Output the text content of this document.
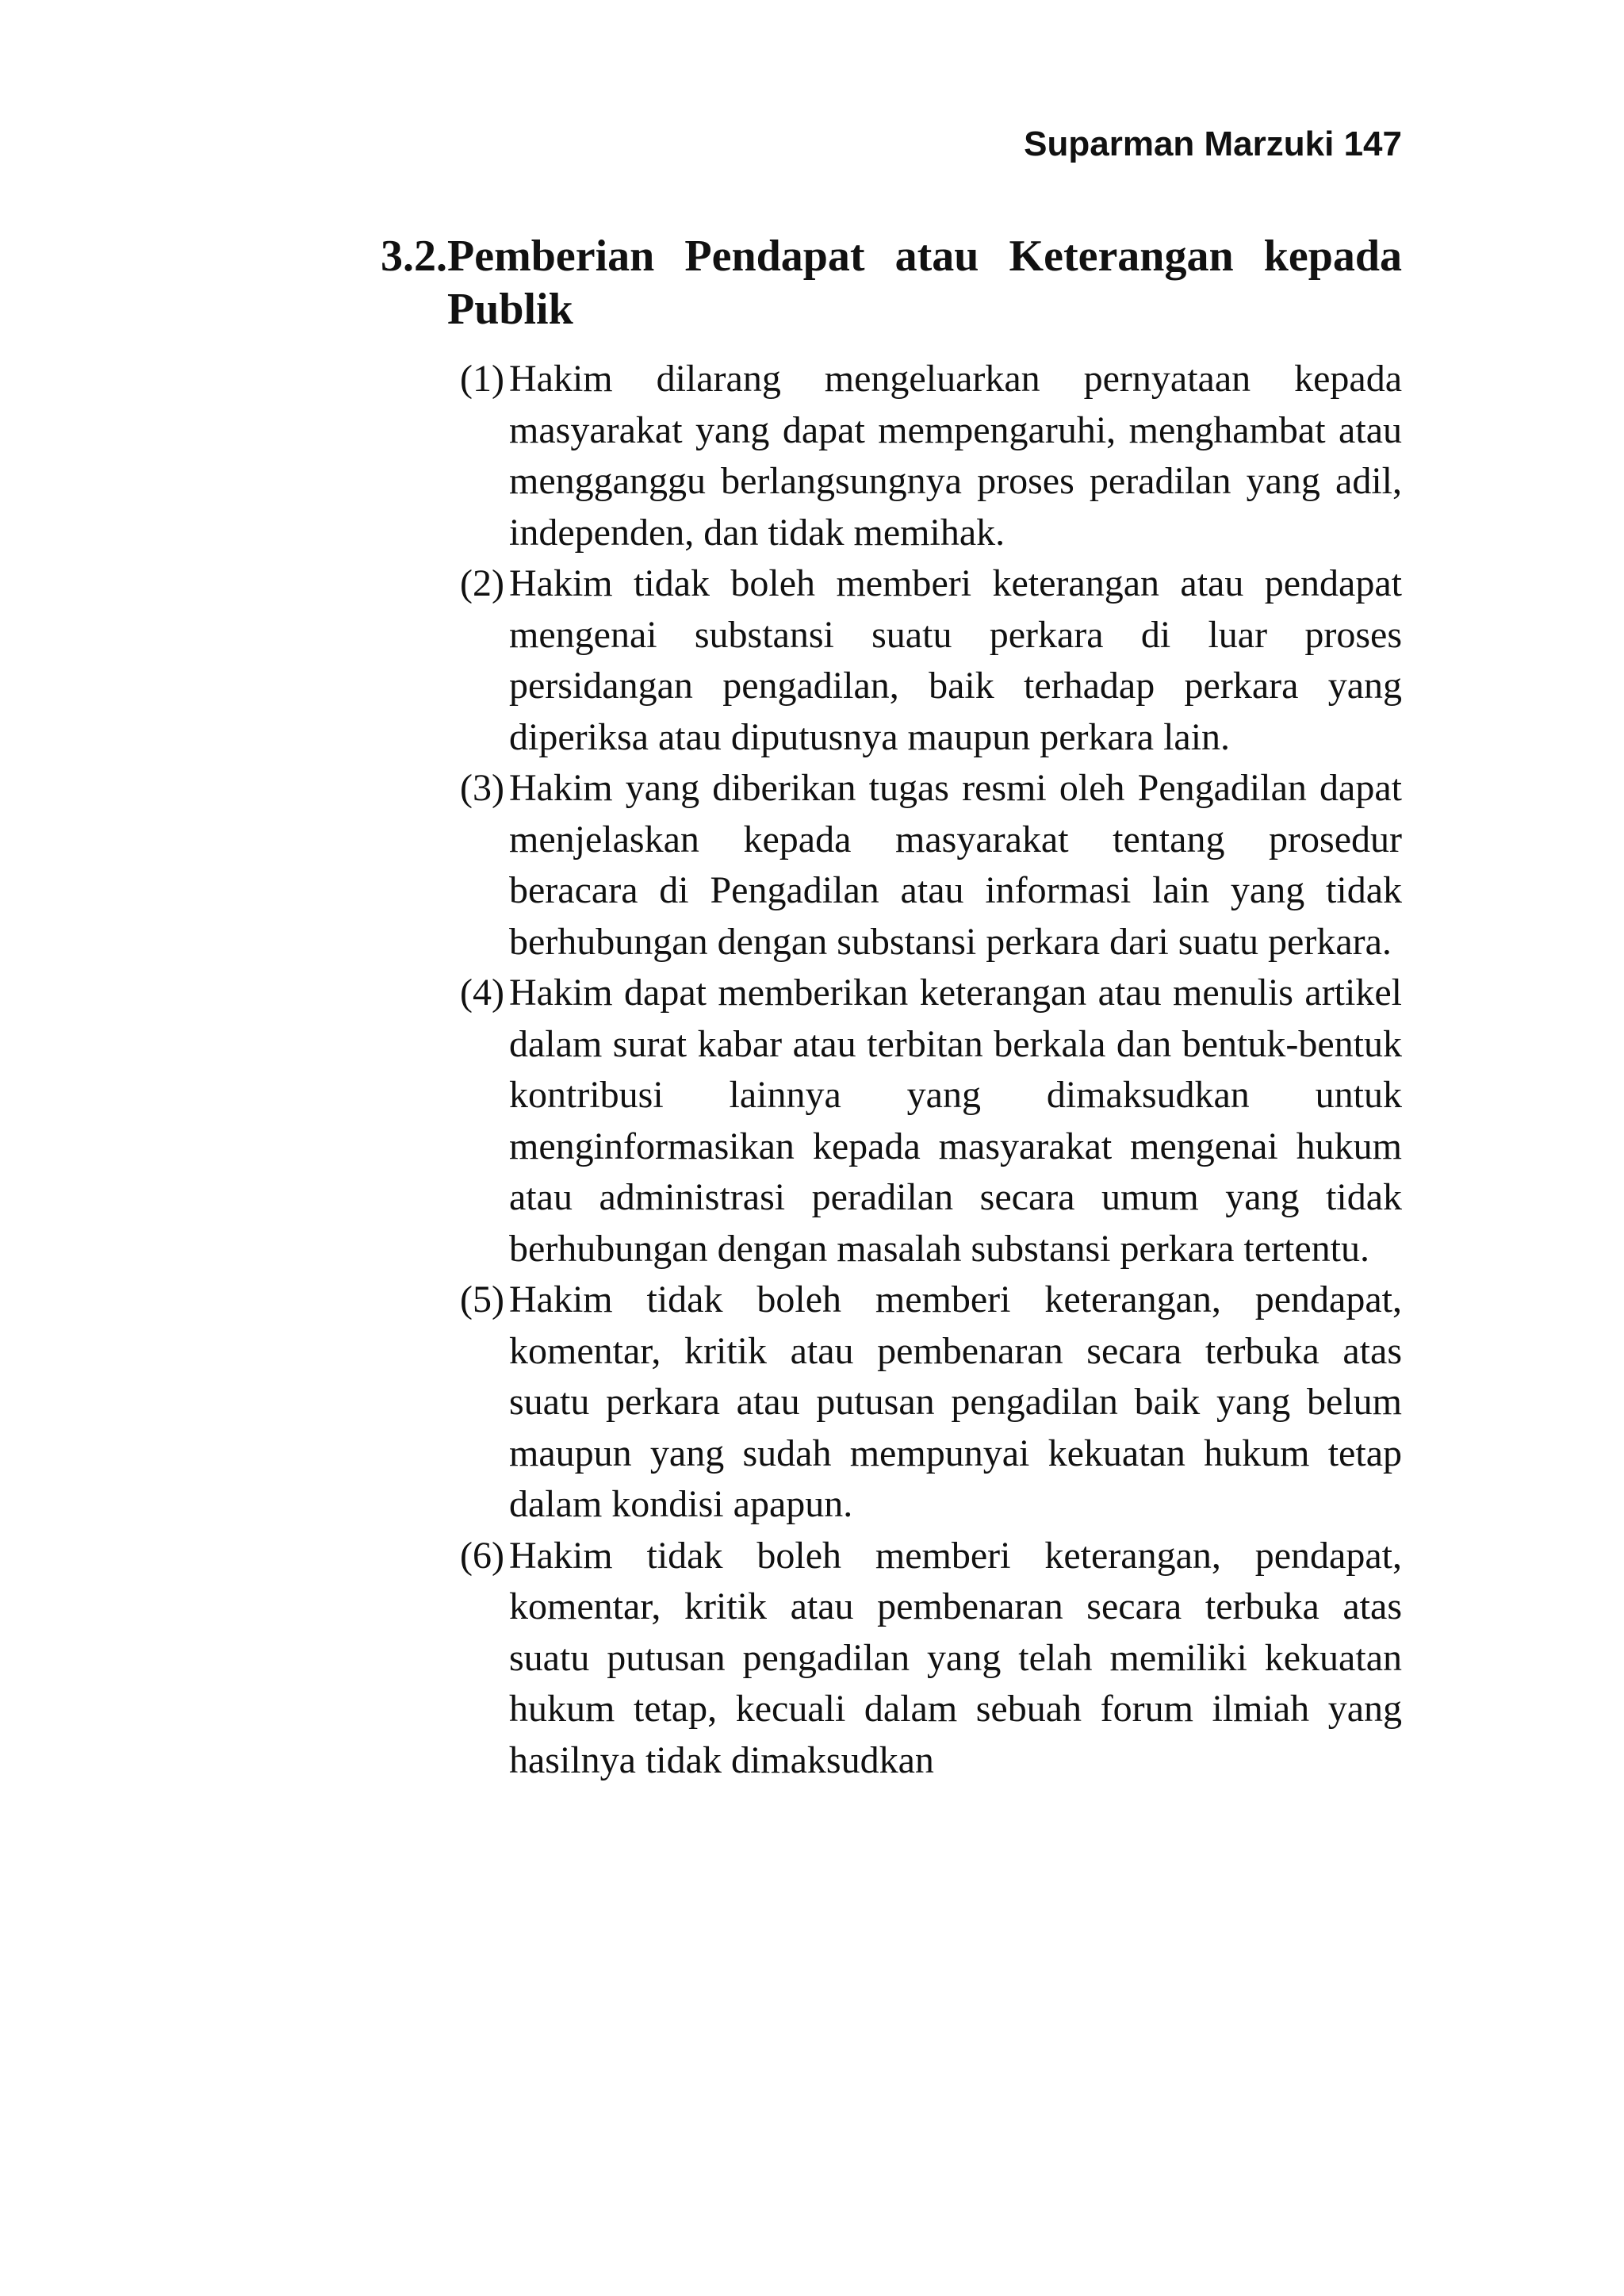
Suparman Marzuki 147

3.2. Pemberian Pendapat atau Keterangan kepada Publik
(1) Hakim dilarang mengeluarkan pernyataan kepada masyarakat yang dapat mempengaruhi, menghambat atau mengganggu berlangsungnya proses peradilan yang adil, independen, dan tidak memihak.
(2) Hakim tidak boleh memberi keterangan atau pendapat mengenai substansi suatu perkara di luar proses persidangan pengadilan, baik terhadap perkara yang diperiksa atau diputusnya maupun perkara lain.
(3) Hakim yang diberikan tugas resmi oleh Pengadilan dapat menjelaskan kepada masyarakat tentang prosedur beracara di Pengadilan atau informasi lain yang tidak berhubungan dengan substansi perkara dari suatu perkara.
(4) Hakim dapat memberikan keterangan atau menulis artikel dalam surat kabar atau terbitan berkala dan bentuk-bentuk kontribusi lainnya yang dimaksudkan untuk menginformasikan kepada masyarakat mengenai hukum atau administrasi peradilan secara umum yang tidak berhubungan dengan masalah substansi perkara tertentu.
(5) Hakim tidak boleh memberi keterangan, pendapat, komentar, kritik atau pembenaran secara terbuka atas suatu perkara atau putusan pengadilan baik yang belum maupun yang sudah mempunyai kekuatan hukum tetap dalam kondisi apapun.
(6) Hakim tidak boleh memberi keterangan, pendapat, komentar, kritik atau pembenaran secara terbuka atas suatu putusan pengadilan yang telah memiliki kekuatan hukum tetap, kecuali dalam sebuah forum ilmiah yang hasilnya tidak dimaksudkan
